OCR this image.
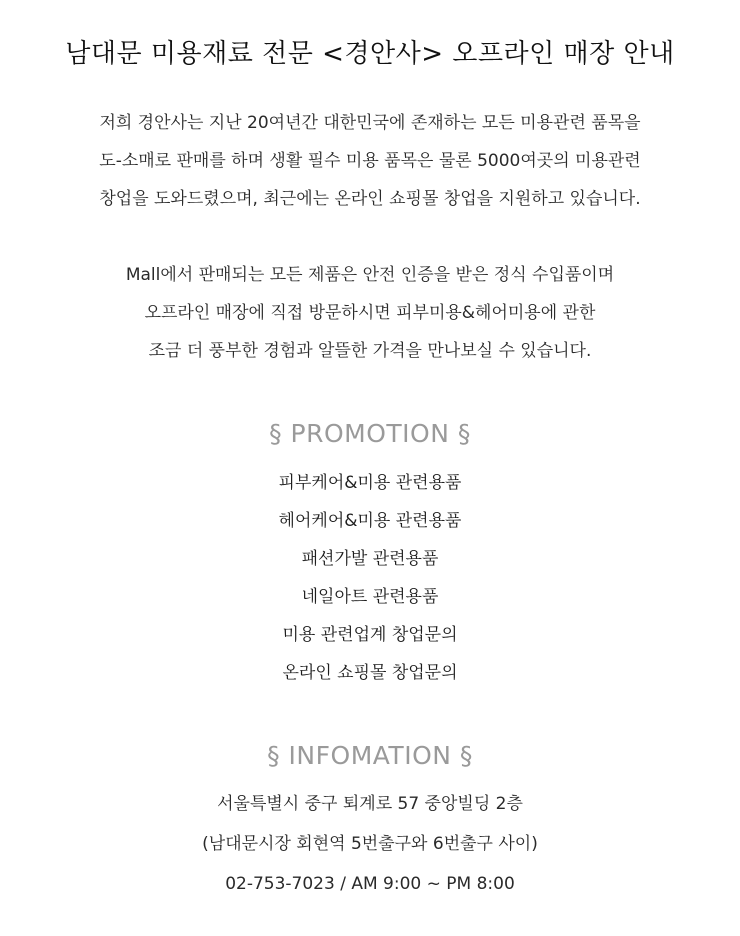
남대문 미용재료 전문 <경안사> 오프라인 매장 안내

저희 경안사는 지난 20여년간 대한민국에 존재하는 모든 미용관련 품목을

도-소매로 판매를 하며 생활 필수 미용 품목은 물론 5000여곳의 미용관련

창업을 도와드렸으며, 최근에는 온라인 쇼핑몰 창업을 지원하고 있습니다.

Mall에서 판매되는 모든 제품은 안전 인증을 받은 정식 수입품이며

오프라인 매장에 직접 방문하시면 피부미용&헤어미용에 관한

조금 더 풍부한 경험과 알뜰한 가격을 만나보실 수 있습니다.

§ PROMOTION §
피부케어&미용 관련용품
헤어케어&미용 관련용품
패션가발 관련용품
네일아트 관련용품
미용 관련업계 창업문의
온라인 쇼핑몰 창업문의
§ INFOMATION §

서울특별시 중구 퇴계로 57 중앙빌딩 2층

(남대문시장 회현역 5번출구와 6번출구 사이)

02-753-7023 / AM 9:00 ~ PM 8:00
